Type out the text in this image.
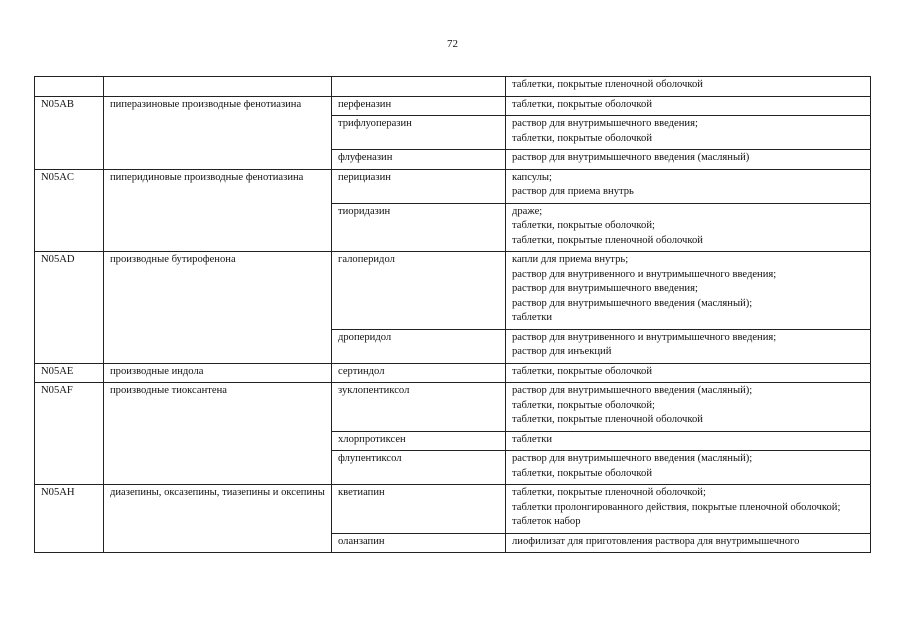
72
			таблетки, покрытые пленочной оболочкой
N05AB	пиперазиновые производные фенотиазина	перфеназин	таблетки, покрытые оболочкой
		трифлуоперазин	раствор для внутримышечного введения;
таблетки, покрытые оболочкой
		флуфеназин	раствор для внутримышечного введения (масляный)
N05AC	пиперидиновые производные фенотиазина	перициазин	капсулы;
раствор для приема внутрь
		тиоридазин	драже;
таблетки, покрытые оболочкой;
таблетки, покрытые пленочной оболочкой
N05AD	производные бутирофенона	галоперидол	капли для приема внутрь;
раствор для внутривенного и внутримышечного введения;
раствор для внутримышечного введения;
раствор для внутримышечного введения (масляный);
таблетки
		дроперидол	раствор для внутривенного и внутримышечного введения;
раствор для инъекций
N05AE	производные индола	сертиндол	таблетки, покрытые оболочкой
N05AF	производные тиоксантена	зуклопентиксол	раствор для внутримышечного введения (масляный);
таблетки, покрытые оболочкой;
таблетки, покрытые пленочной оболочкой
		хлорпротиксен	таблетки
		флупентиксол	раствор для внутримышечного введения (масляный);
таблетки, покрытые оболочкой
N05AH	диазепины, оксазепины, тиазепины и оксепины	кветиапин	таблетки, покрытые пленочной оболочкой;
таблетки пролонгированного действия, покрытые пленочной оболочкой;
таблеток набор
		оланзапин	лиофилизат для приготовления раствора для внутримышечного
